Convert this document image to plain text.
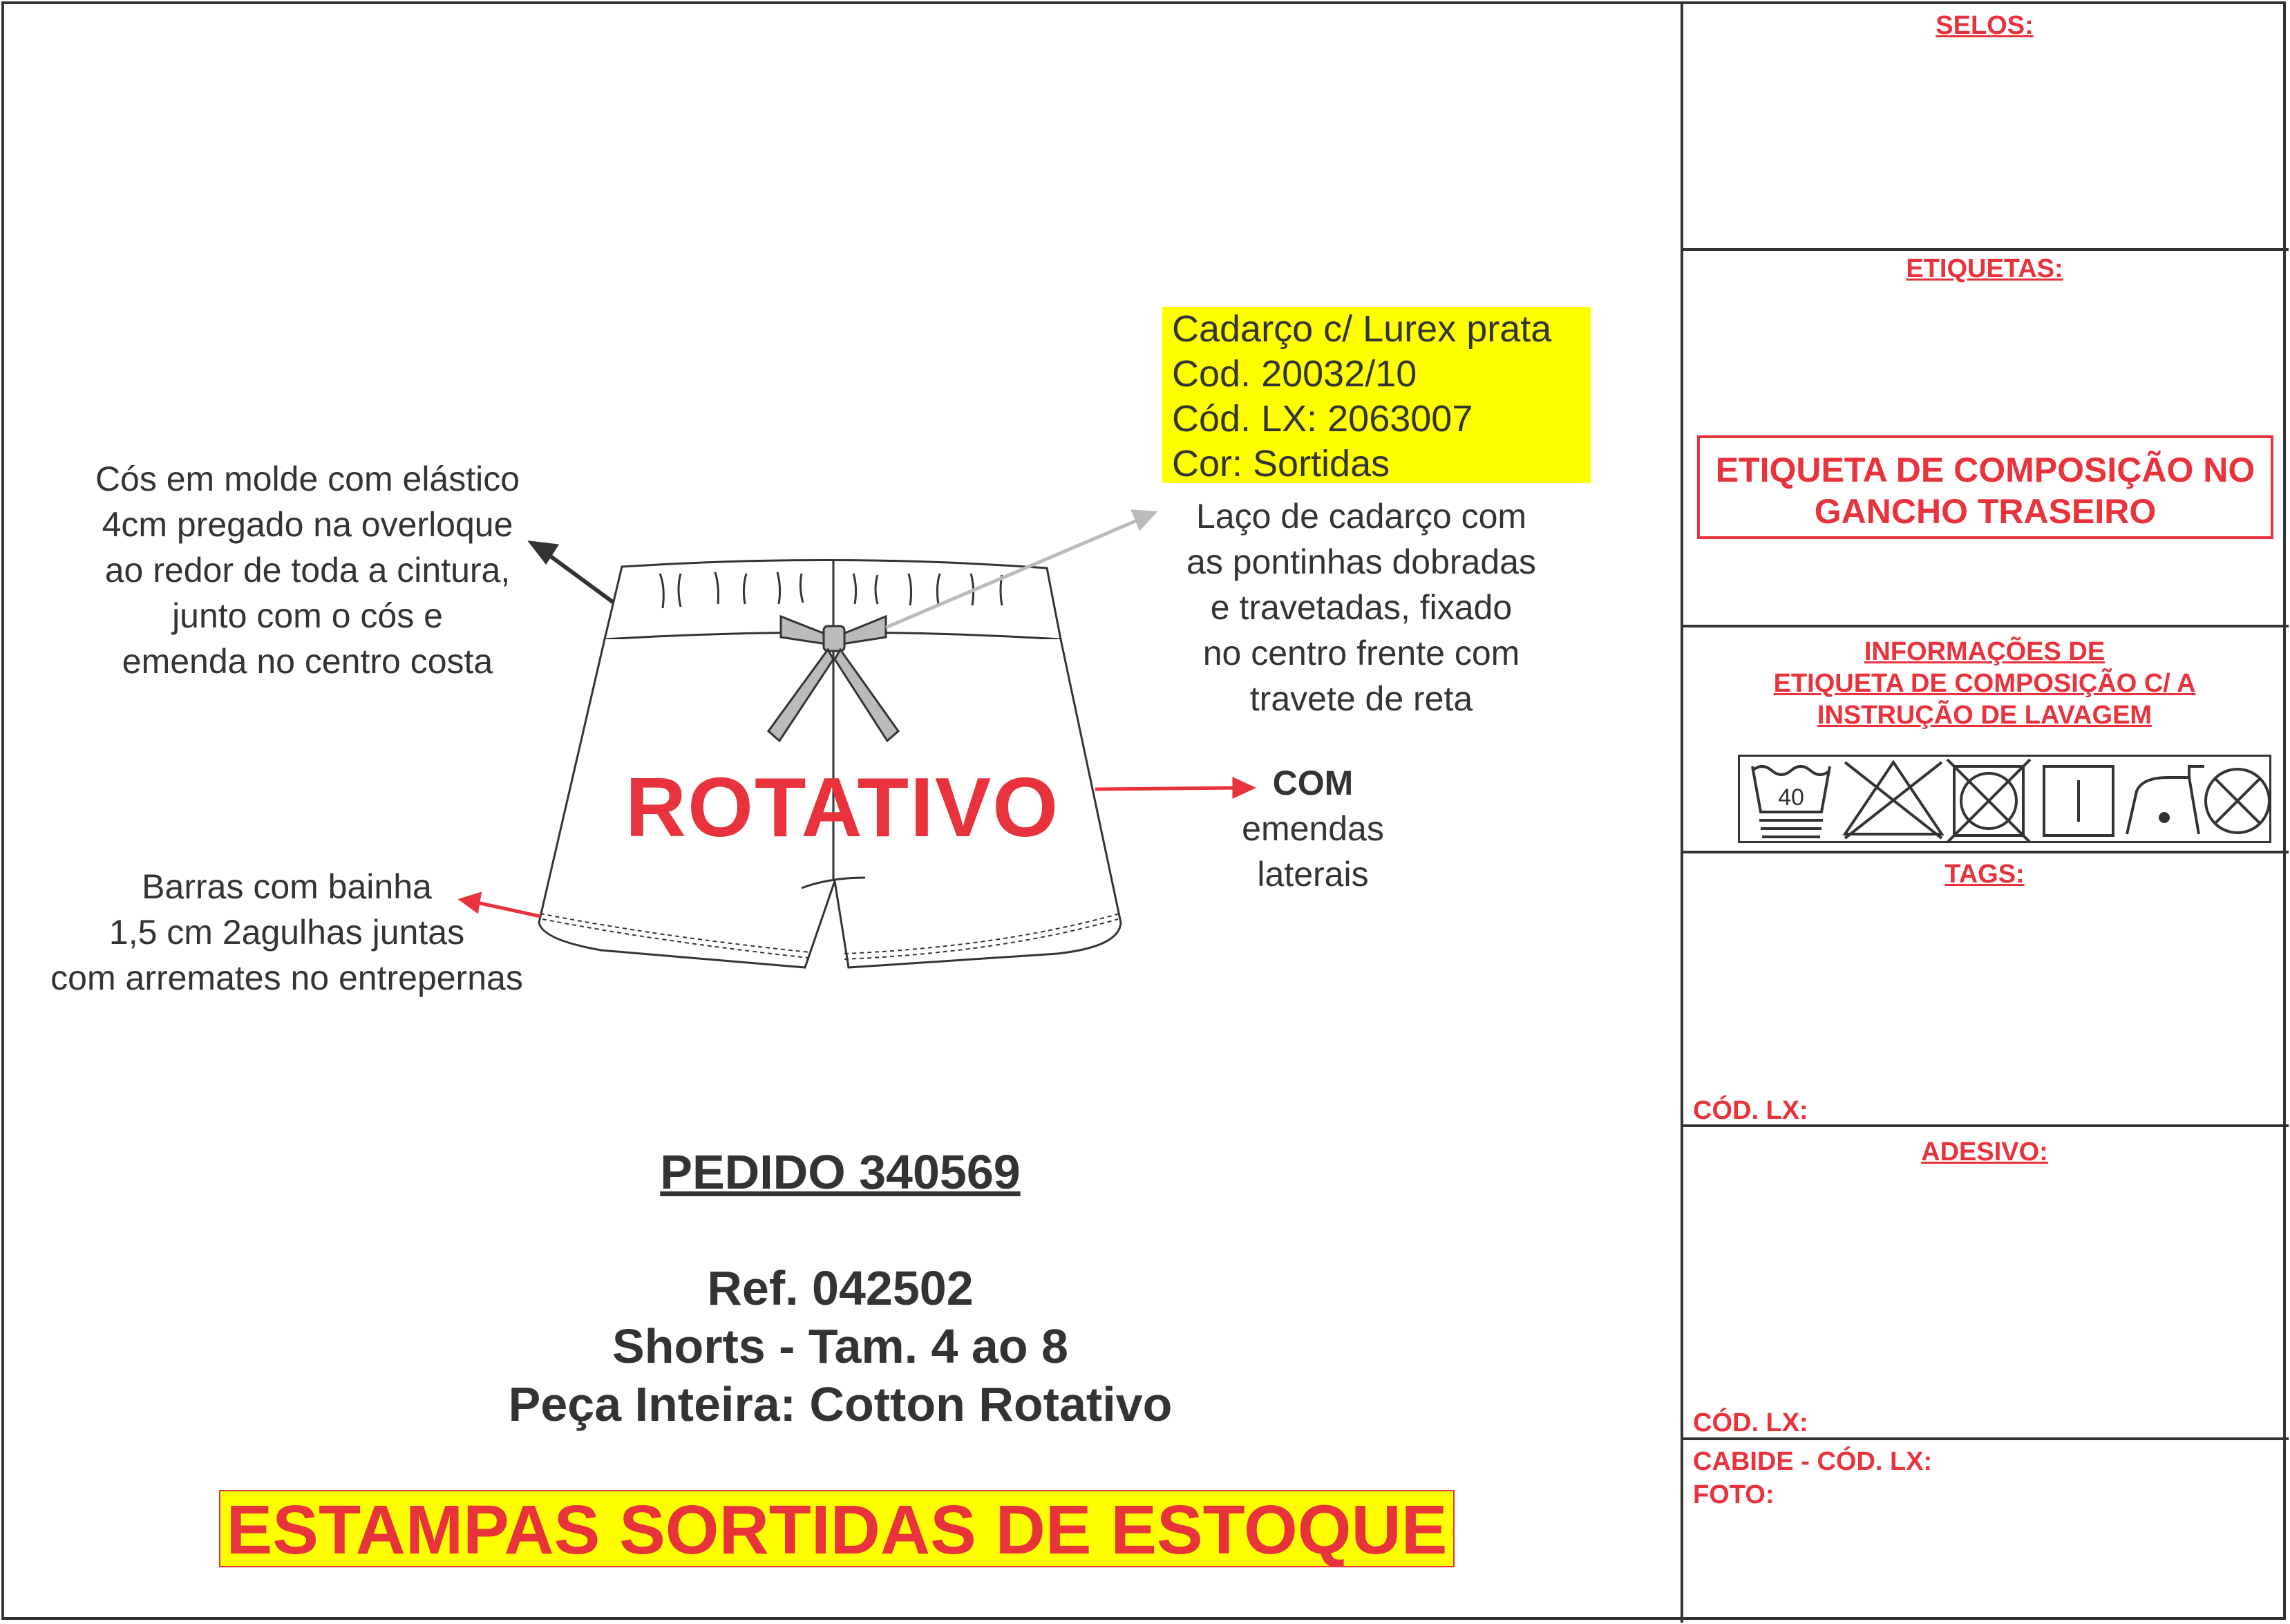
SELOS:
ETIQUETAS:
ETIQUETA DE COMPOSIÇÃO NO
GANCHO TRASEIRO
INFORMAÇÕES DE
ETIQUETA DE COMPOSIÇÃO C/ A
INSTRUÇÃO DE LAVAGEM
40
TAGS:
CÓD. LX:
ADESIVO:
CÓD. LX:
CABIDE - CÓD. LX:
FOTO:
Cós em molde com elástico
4cm pregado na overloque
ao redor de toda a cintura,
junto com o cós e
emenda no centro costa
Cadarço c/ Lurex prata
Cod. 20032/10
Cód. LX: 2063007
Cor: Sortidas
Laço de cadarço com
as pontinhas dobradas
e travetadas, fixado
no centro frente com
travete de reta
COM
emendas
laterais
Barras com bainha
1,5 cm 2agulhas juntas
com arremates no entrepernas
ROTATIVO
PEDIDO 340569
Ref. 042502
Shorts - Tam. 4 ao 8
Peça Inteira: Cotton Rotativo
ESTAMPAS SORTIDAS DE ESTOQUE
